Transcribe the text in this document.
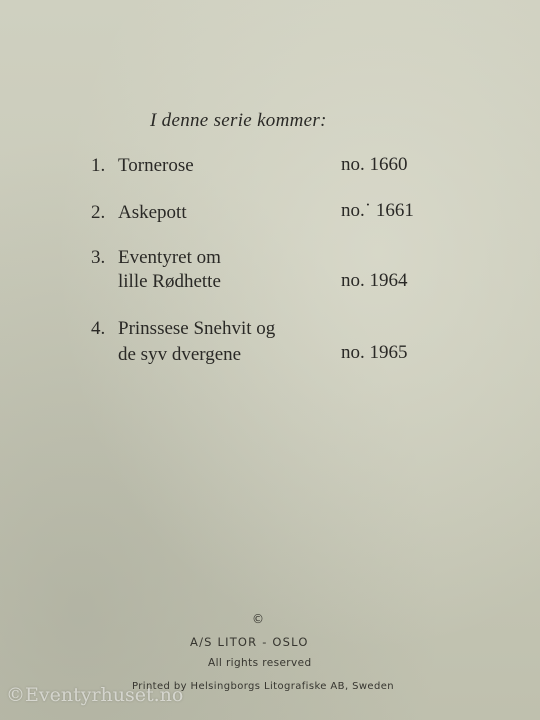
I denne serie kommer:
1. Tornerose	no. 1660
2. Askepott	no.˙ 1661
3. Eventyret om
lille Rødhette	no. 1964
4. Prinssese Snehvit og
de syv dvergene	no. 1965
©
A/S LITOR - OSLO
All rights reserved
Printed by Helsingborgs Litografiske AB, Sweden
©Eventyrhuset.no
